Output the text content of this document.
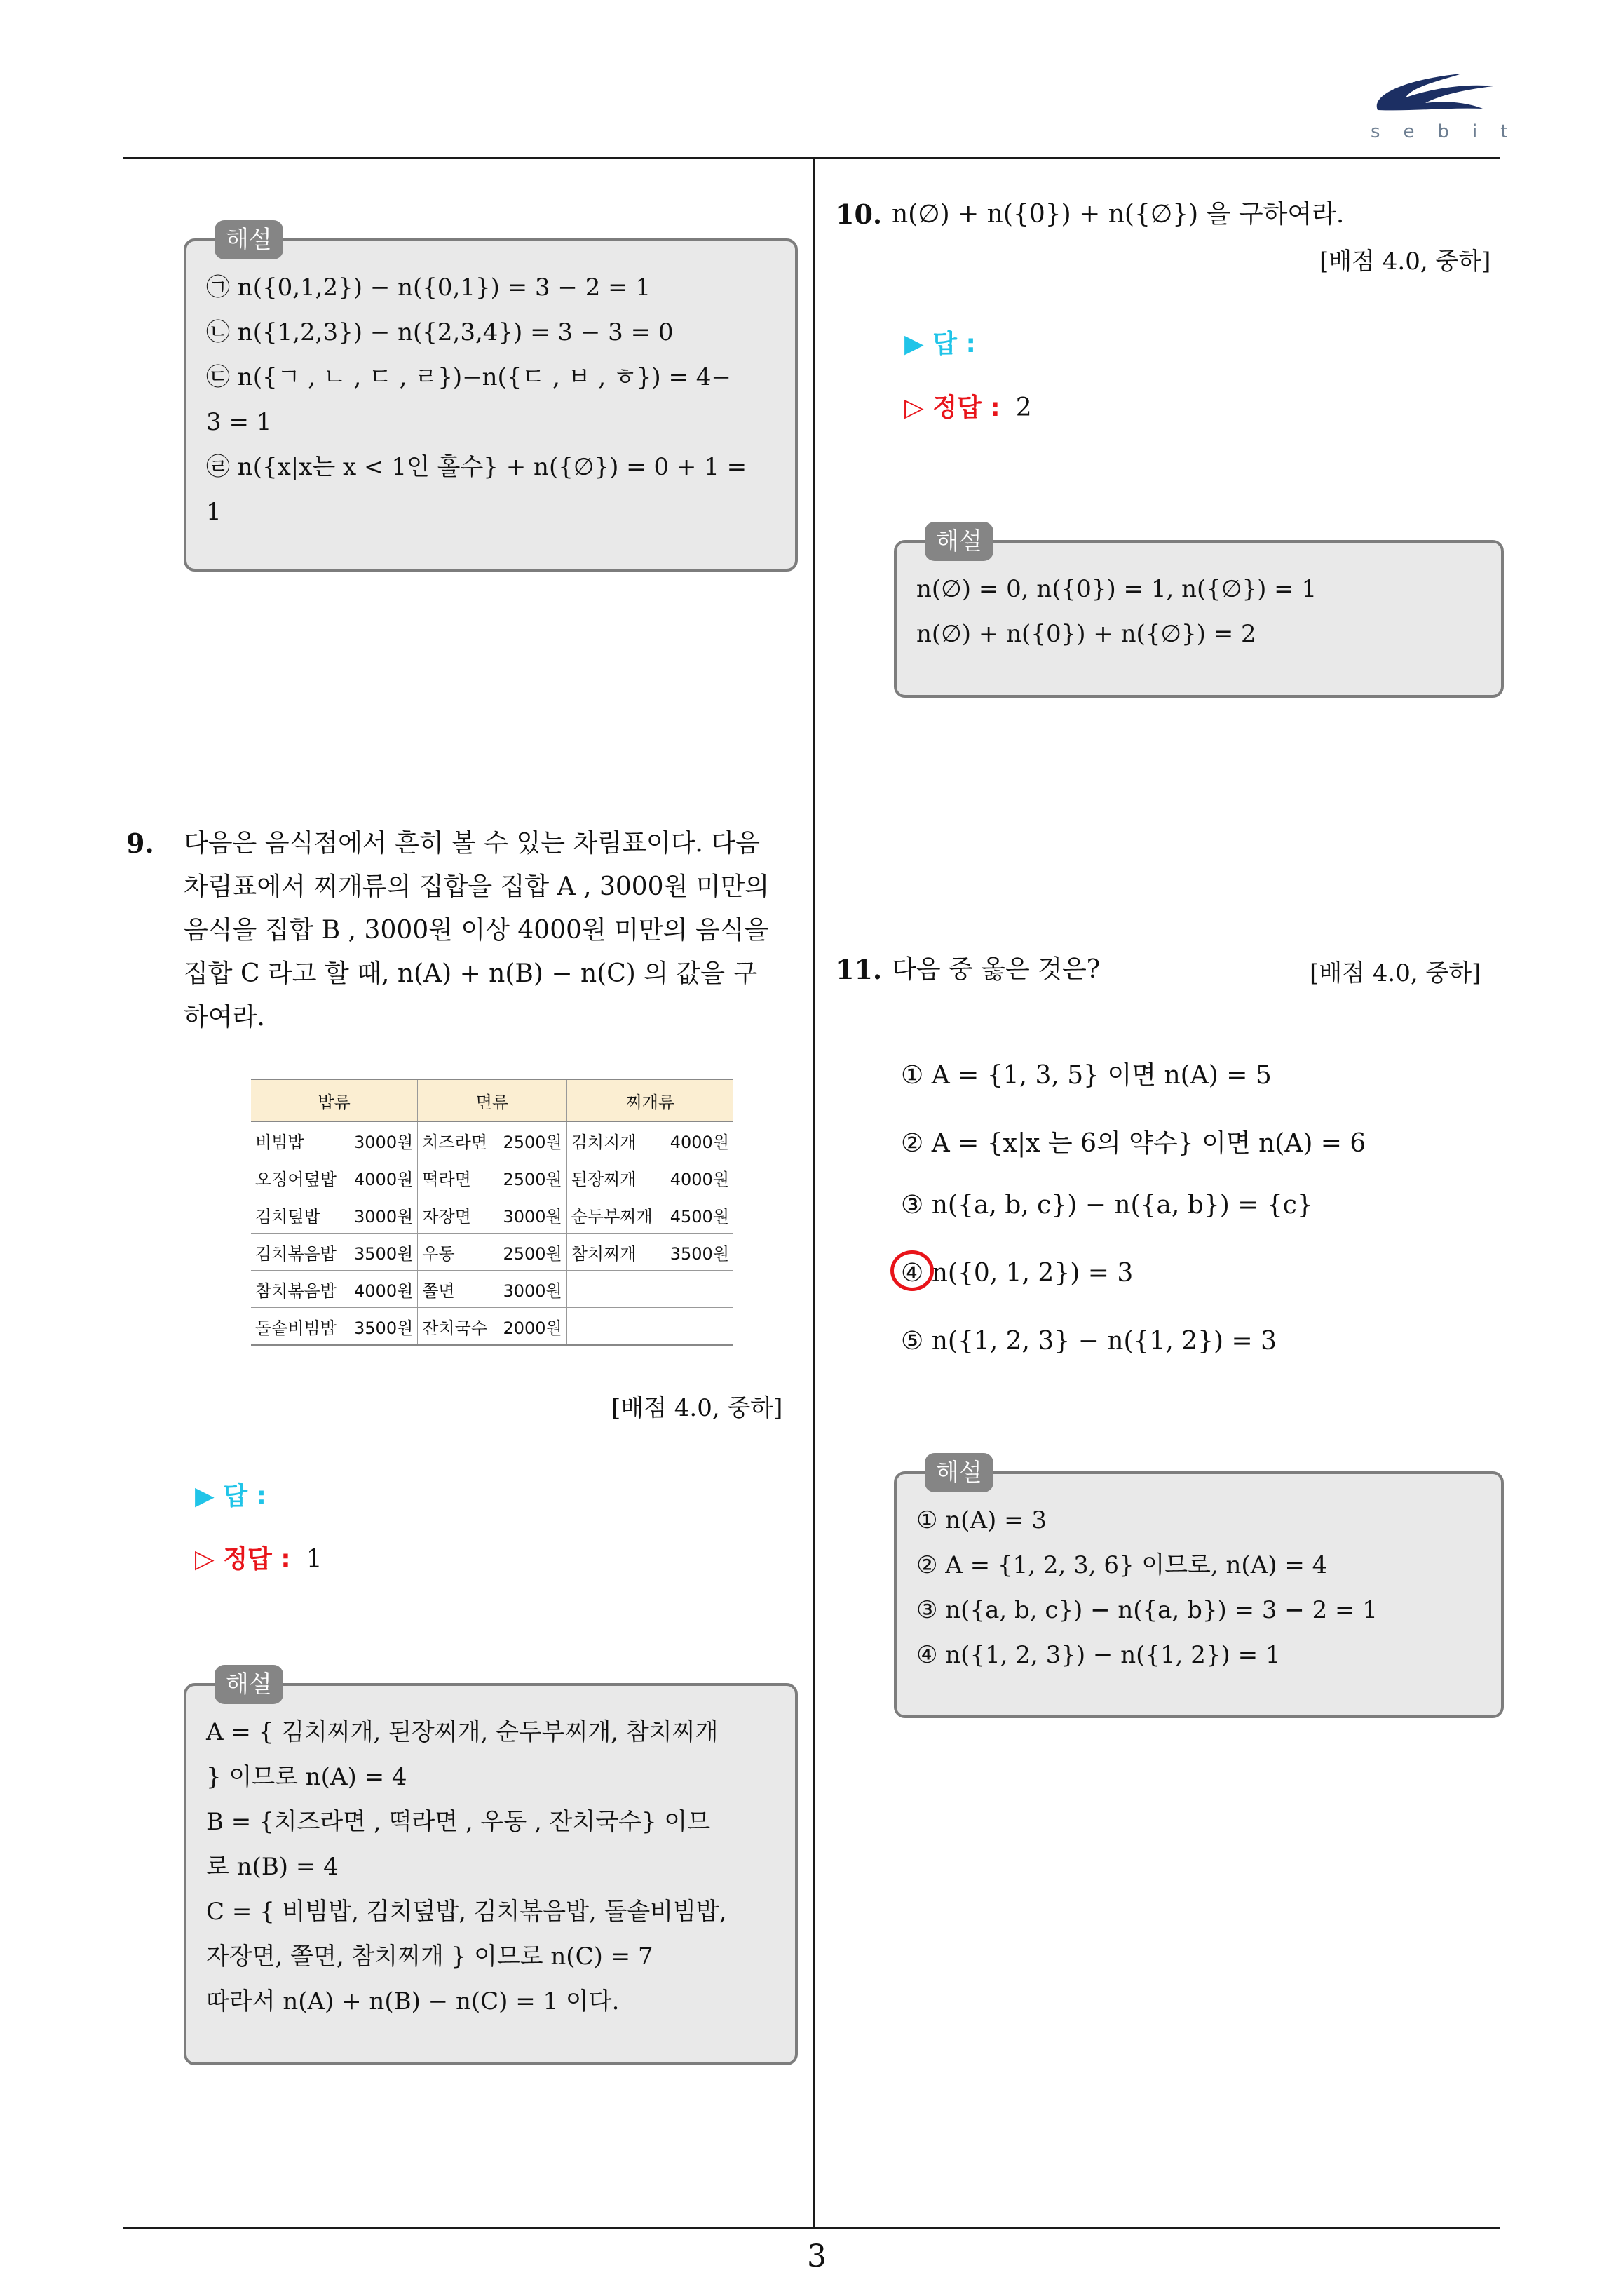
sebit
해설
㉠ n({0,1,2}) − n({0,1}) = 3 − 2 = 1
㉡ n({1,2,3}) − n({2,3,4}) = 3 − 3 = 0
㉢ n({ㄱ , ㄴ , ㄷ , ㄹ})−n({ㄷ , ㅂ , ㅎ}) = 4−
3 = 1
㉣ n({x|x는 x < 1인 홀수} + n({∅}) = 0 + 1 =
1
9. 다음은 음식점에서 흔히 볼 수 있는 차림표이다. 다음
차림표에서 찌개류의 집합을 집합 A , 3000원 미만의
음식을 집합 B , 3000원 이상 4000원 미만의 음식을
집합 C 라고 할 때, n(A) + n(B) − n(C) 의 값을 구
하여라.
밥류	면류	찌개류

비빔밥 3000원	치즈라면 2500원	김치지개 4000원

오징어덮밥 4000원	떡라면 2500원	된장찌개 4000원

김치덮밥 3000원	자장면 3000원	순두부찌개 4500원

김치볶음밥 3500원	우동 2500원	참치찌개 3500원

참치볶음밥 4000원	쫄면 3000원	

돌솥비빔밥 3500원	잔치국수 2000원	

[배점 4.0, 중하]
▶ 답 :
▷ 정답 : 1
해설
A = { 김치찌개, 된장찌개, 순두부찌개, 참치찌개
} 이므로 n(A) = 4
B = {치즈라면 , 떡라면 , 우동 , 잔치국수} 이므
로 n(B) = 4
C = { 비빔밥, 김치덮밥, 김치볶음밥, 돌솥비빔밥,
자장면, 쫄면, 참치찌개 } 이므로 n(C) = 7
따라서 n(A) + n(B) − n(C) = 1 이다.
10. n(∅) + n({0}) + n({∅}) 을 구하여라.
[배점 4.0, 중하]
▶ 답 :
▷ 정답 : 2
해설
n(∅) = 0, n({0}) = 1, n({∅}) = 1
n(∅) + n({0}) + n({∅}) = 2
11. 다음 중 옳은 것은?	[배점 4.0, 중하]
① A = {1, 3, 5} 이면 n(A) = 5
② A = {x|x 는 6의 약수} 이면 n(A) = 6
③ n({a, b, c}) − n({a, b}) = {c}
④ n({0, 1, 2}) = 3
⑤ n({1, 2, 3} − n({1, 2}) = 3
해설
① n(A) = 3
② A = {1, 2, 3, 6} 이므로, n(A) = 4
③ n({a, b, c}) − n({a, b}) = 3 − 2 = 1
④ n({1, 2, 3}) − n({1, 2}) = 1
3
